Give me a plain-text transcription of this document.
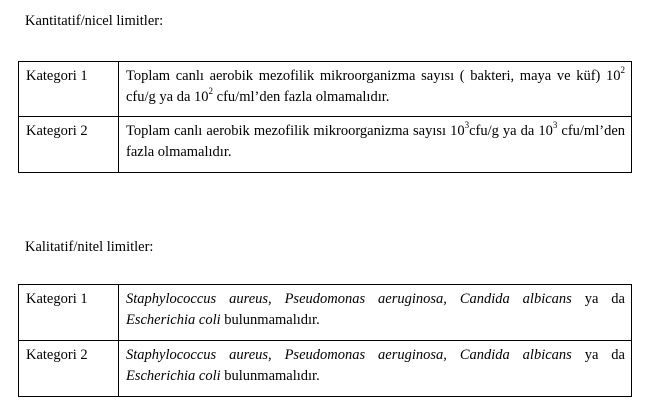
Kantitatif/nicel limitler:

Kategori 1	Toplam canlı aerobik mezofilik mikroorganizma sayısı ( bakteri, maya ve küf) $10^2$ cfu/g ya da $10^2$ cfu/ml’den fazla olmamalıdır.
Kategori 2	Toplam canlı aerobik mezofilik mikroorganizma sayısı $10^3cfu/g$ ya da $10^3$ cfu/ml’den fazla olmamalıdır.

Kalitatif/nitel limitler:

Kategori 1	Staphylococcus aureus, Pseudomonas aeruginosa, Candida albicans ya da Escherichia coli bulunmamalıdır.
Kategori 2	Staphylococcus aureus, Pseudomonas aeruginosa, Candida albicans ya da Escherichia coli bulunmamalıdır.
